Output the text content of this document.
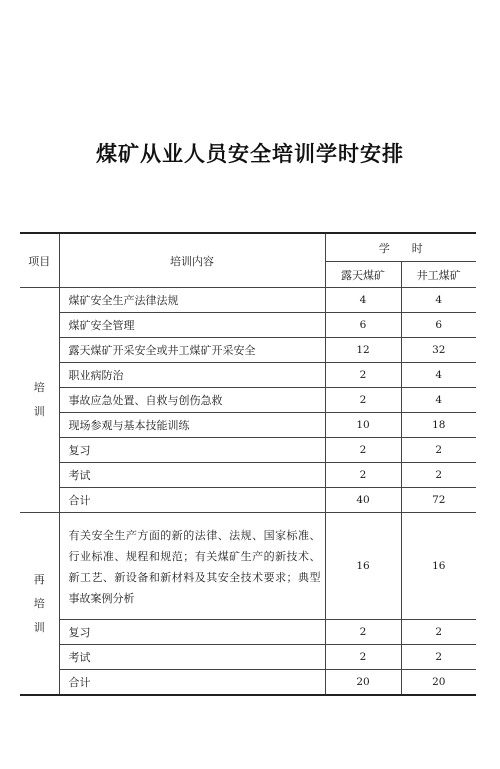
煤矿从业人员安全培训学时安排
项目	培训内容	学时	
		露天煤矿	井工煤矿

培训	煤矿安全生产法律法规	4	4
	煤矿安全管理	6	6
	露天煤矿开采安全或井工煤矿开采安全	12	32
	职业病防治	2	4
	事故应急处置、自救与创伤急救	2	4
	现场参观与基本技能训练	10	18
	复习	2	2
	考试	2	2
	合计	40	72

再培训	有关安全生产方面的新的法律、法规、国家标准、行业标准、规程和规范；有关煤矿生产的新技术、新工艺、新设备和新材料及其安全技术要求；典型事故案例分析	16	16
	复习	2	2
	考试	2	2
	合计	20	20
